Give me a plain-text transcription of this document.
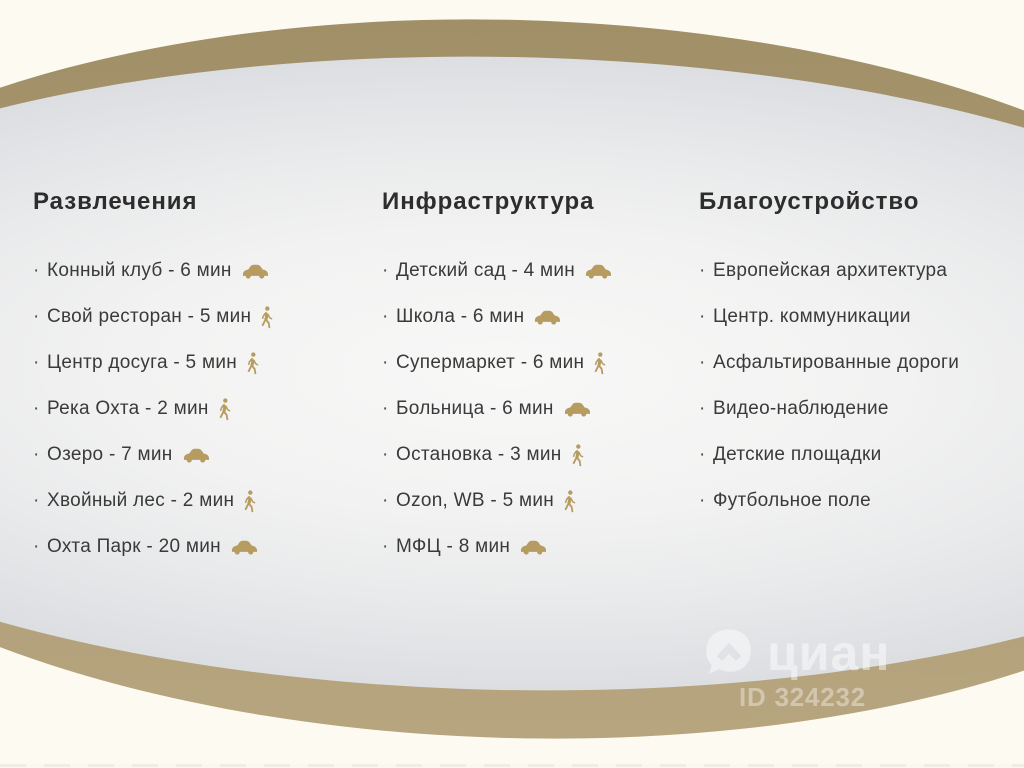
Развлечения
· Конный клуб - 6 мин
· Свой ресторан - 5 мин
· Центр досуга - 5 мин
· Река Охта - 2 мин
· Озеро - 7 мин
· Хвойный лес - 2 мин
· Охта Парк - 20 мин
Инфраструктура
· Детский сад - 4 мин
· Школа - 6 мин
· Супермаркет - 6 мин
· Больница - 6 мин
· Остановка - 3 мин
· Ozon, WB - 5 мин
· МФЦ - 8 мин
Благоустройство
· Европейская архитектура
· Центр. коммуникации
· Асфальтированные дороги
· Видео-наблюдение
· Детские площадки
· Футбольное поле
циан
ID 324232
